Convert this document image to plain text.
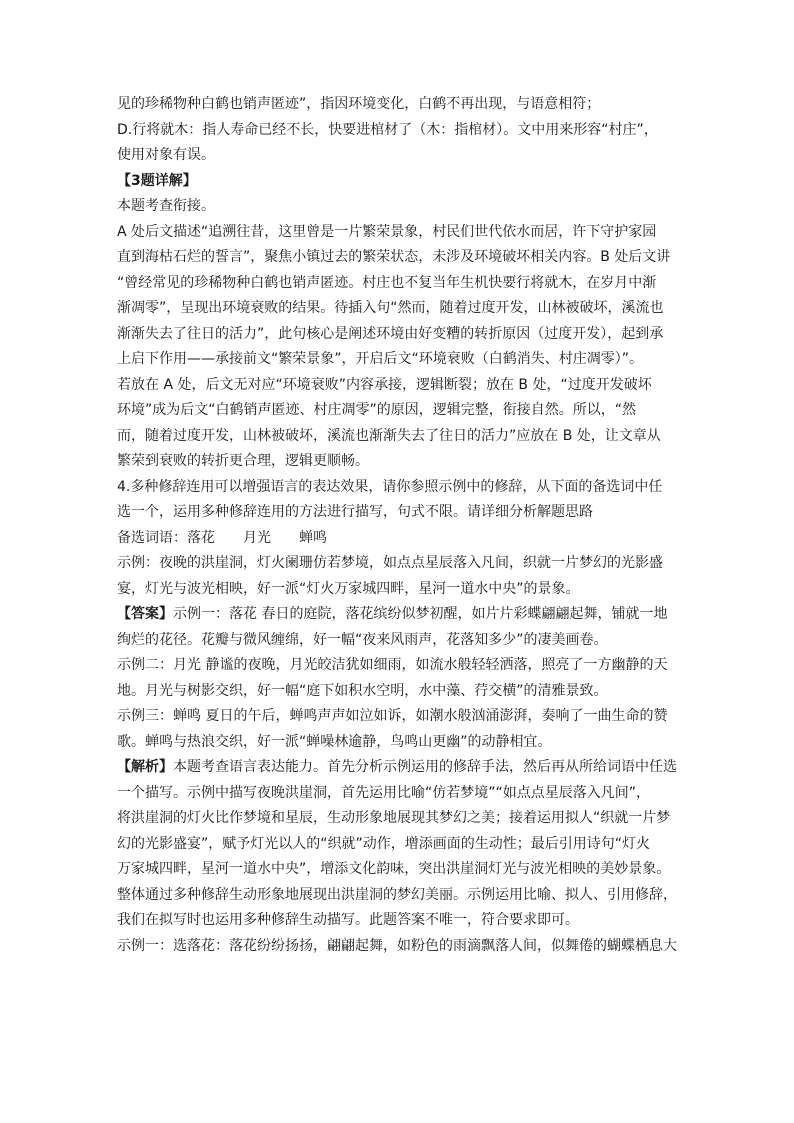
见的珍稀物种白鹤也销声匿迹”，指因环境变化，白鹤不再出现，与语意相符；
D.行将就木：指人寿命已经不长，快要进棺材了（木：指棺材）。文中用来形容“村庄”，
使用对象有误。
【3题详解】
本题考查衔接。
A 处后文描述“追溯往昔，这里曾是一片繁荣景象，村民们世代依水而居，许下守护家园
直到海枯石烂的誓言”，聚焦小镇过去的繁荣状态，未涉及环境破坏相关内容。B 处后文讲
“曾经常见的珍稀物种白鹤也销声匿迹。村庄也不复当年生机快要行将就木，在岁月中渐
渐凋零”，呈现出环境衰败的结果。待插入句“然而，随着过度开发，山林被破坏，溪流也
渐渐失去了往日的活力”，此句核心是阐述环境由好变糟的转折原因（过度开发），起到承
上启下作用——承接前文“繁荣景象”，开启后文“环境衰败（白鹤消失、村庄凋零）”。
若放在 A 处，后文无对应“环境衰败”内容承接，逻辑断裂；放在 B 处，“过度开发破坏
环境”成为后文“白鹤销声匿迹、村庄凋零”的原因，逻辑完整，衔接自然。所以，“然
而，随着过度开发，山林被破坏，溪流也渐渐失去了往日的活力”应放在 B 处，让文章从
繁荣到衰败的转折更合理，逻辑更顺畅。
4.多种修辞连用可以增强语言的表达效果，请你参照示例中的修辞，从下面的备选词中任
选一个，运用多种修辞连用的方法进行描写，句式不限。请详细分析解题思路
备选词语：落花　　月光　　蝉鸣
示例：夜晚的洪崖洞，灯火阑珊仿若梦境，如点点星辰落入凡间，织就一片梦幻的光影盛
宴，灯光与波光相映，好一派“灯火万家城四畔，星河一道水中央”的景象。
【答案】示例一：落花 春日的庭院，落花缤纷似梦初醒，如片片彩蝶翩翩起舞，铺就一地
绚烂的花径。花瓣与微风缠绵，好一幅“夜来风雨声，花落知多少”的凄美画卷。
示例二：月光 静谧的夜晚，月光皎洁犹如细雨，如流水般轻轻洒落，照亮了一方幽静的天
地。月光与树影交织，好一幅“庭下如积水空明，水中藻、荇交横”的清雅景致。
示例三：蝉鸣 夏日的午后，蝉鸣声声如泣如诉，如潮水般汹涌澎湃，奏响了一曲生命的赞
歌。蝉鸣与热浪交织，好一派“蝉噪林逾静，鸟鸣山更幽”的动静相宜。
【解析】本题考查语言表达能力。首先分析示例运用的修辞手法，然后再从所给词语中任选
一个描写。示例中描写夜晚洪崖洞，首先运用比喻“仿若梦境”“如点点星辰落入凡间”，
将洪崖洞的灯火比作梦境和星辰，生动形象地展现其梦幻之美；接着运用拟人“织就一片梦
幻的光影盛宴”，赋予灯光以人的“织就”动作，增添画面的生动性；最后引用诗句“灯火
万家城四畔，星河一道水中央”，增添文化韵味，突出洪崖洞灯光与波光相映的美妙景象。
整体通过多种修辞生动形象地展现出洪崖洞的梦幻美丽。示例运用比喻、拟人、引用修辞，
我们在拟写时也运用多种修辞生动描写。此题答案不唯一，符合要求即可。
示例一：选落花：落花纷纷扬扬，翩翩起舞，如粉色的雨滴飘落人间，似舞倦的蝴蝶栖息大
